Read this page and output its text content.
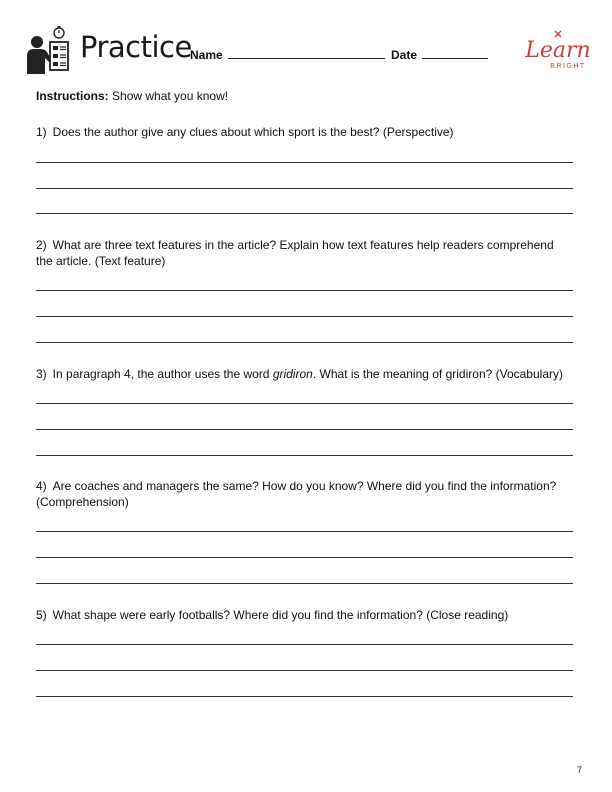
Practice
Name	Date	Learn
BRIGHT
Instructions: Show what you know!
1) Does the author give any clues about which sport is the best? (Perspective)
2) What are three text features in the article? Explain how text features help readers comprehend the article. (Text feature)
3) In paragraph 4, the author uses the word gridiron. What is the meaning of gridiron? (Vocabulary)
4) Are coaches and managers the same? How do you know? Where did you find the information? (Comprehension)
5) What shape were early footballs? Where did you find the information? (Close reading)
7
